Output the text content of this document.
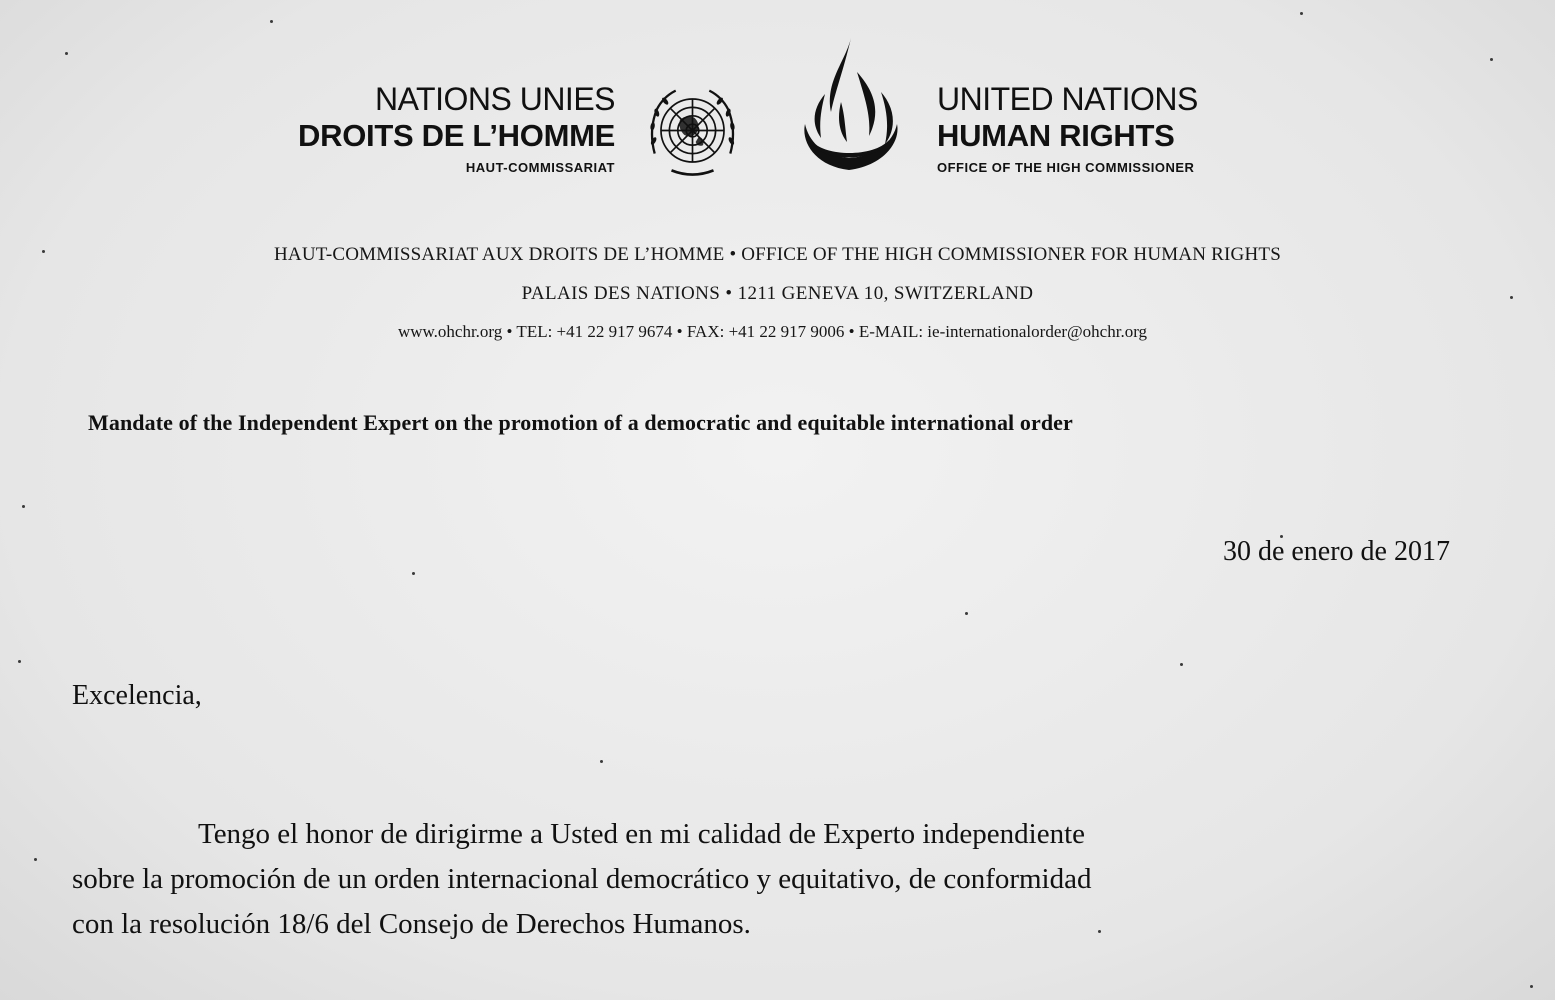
NATIONS UNIES
DROITS DE L’HOMME
HAUT-COMMISSARIAT
UNITED NATIONS
HUMAN RIGHTS
OFFICE OF THE HIGH COMMISSIONER
HAUT-COMMISSARIAT AUX DROITS DE L’HOMME • OFFICE OF THE HIGH COMMISSIONER FOR HUMAN RIGHTS
PALAIS DES NATIONS • 1211 GENEVA 10, SWITZERLAND
www.ohchr.org • TEL: +41 22 917 9674 • FAX: +41 22 917 9006 • E-MAIL: ie-internationalorder@ohchr.org
Mandate of the Independent Expert on the promotion of a democratic and equitable international order
30 de enero de 2017
Excelencia,
Tengo el honor de dirigirme a Usted en mi calidad de Experto independiente
sobre la promoción de un orden internacional democrático y equitativo, de conformidad
con la resolución 18/6 del Consejo de Derechos Humanos.
